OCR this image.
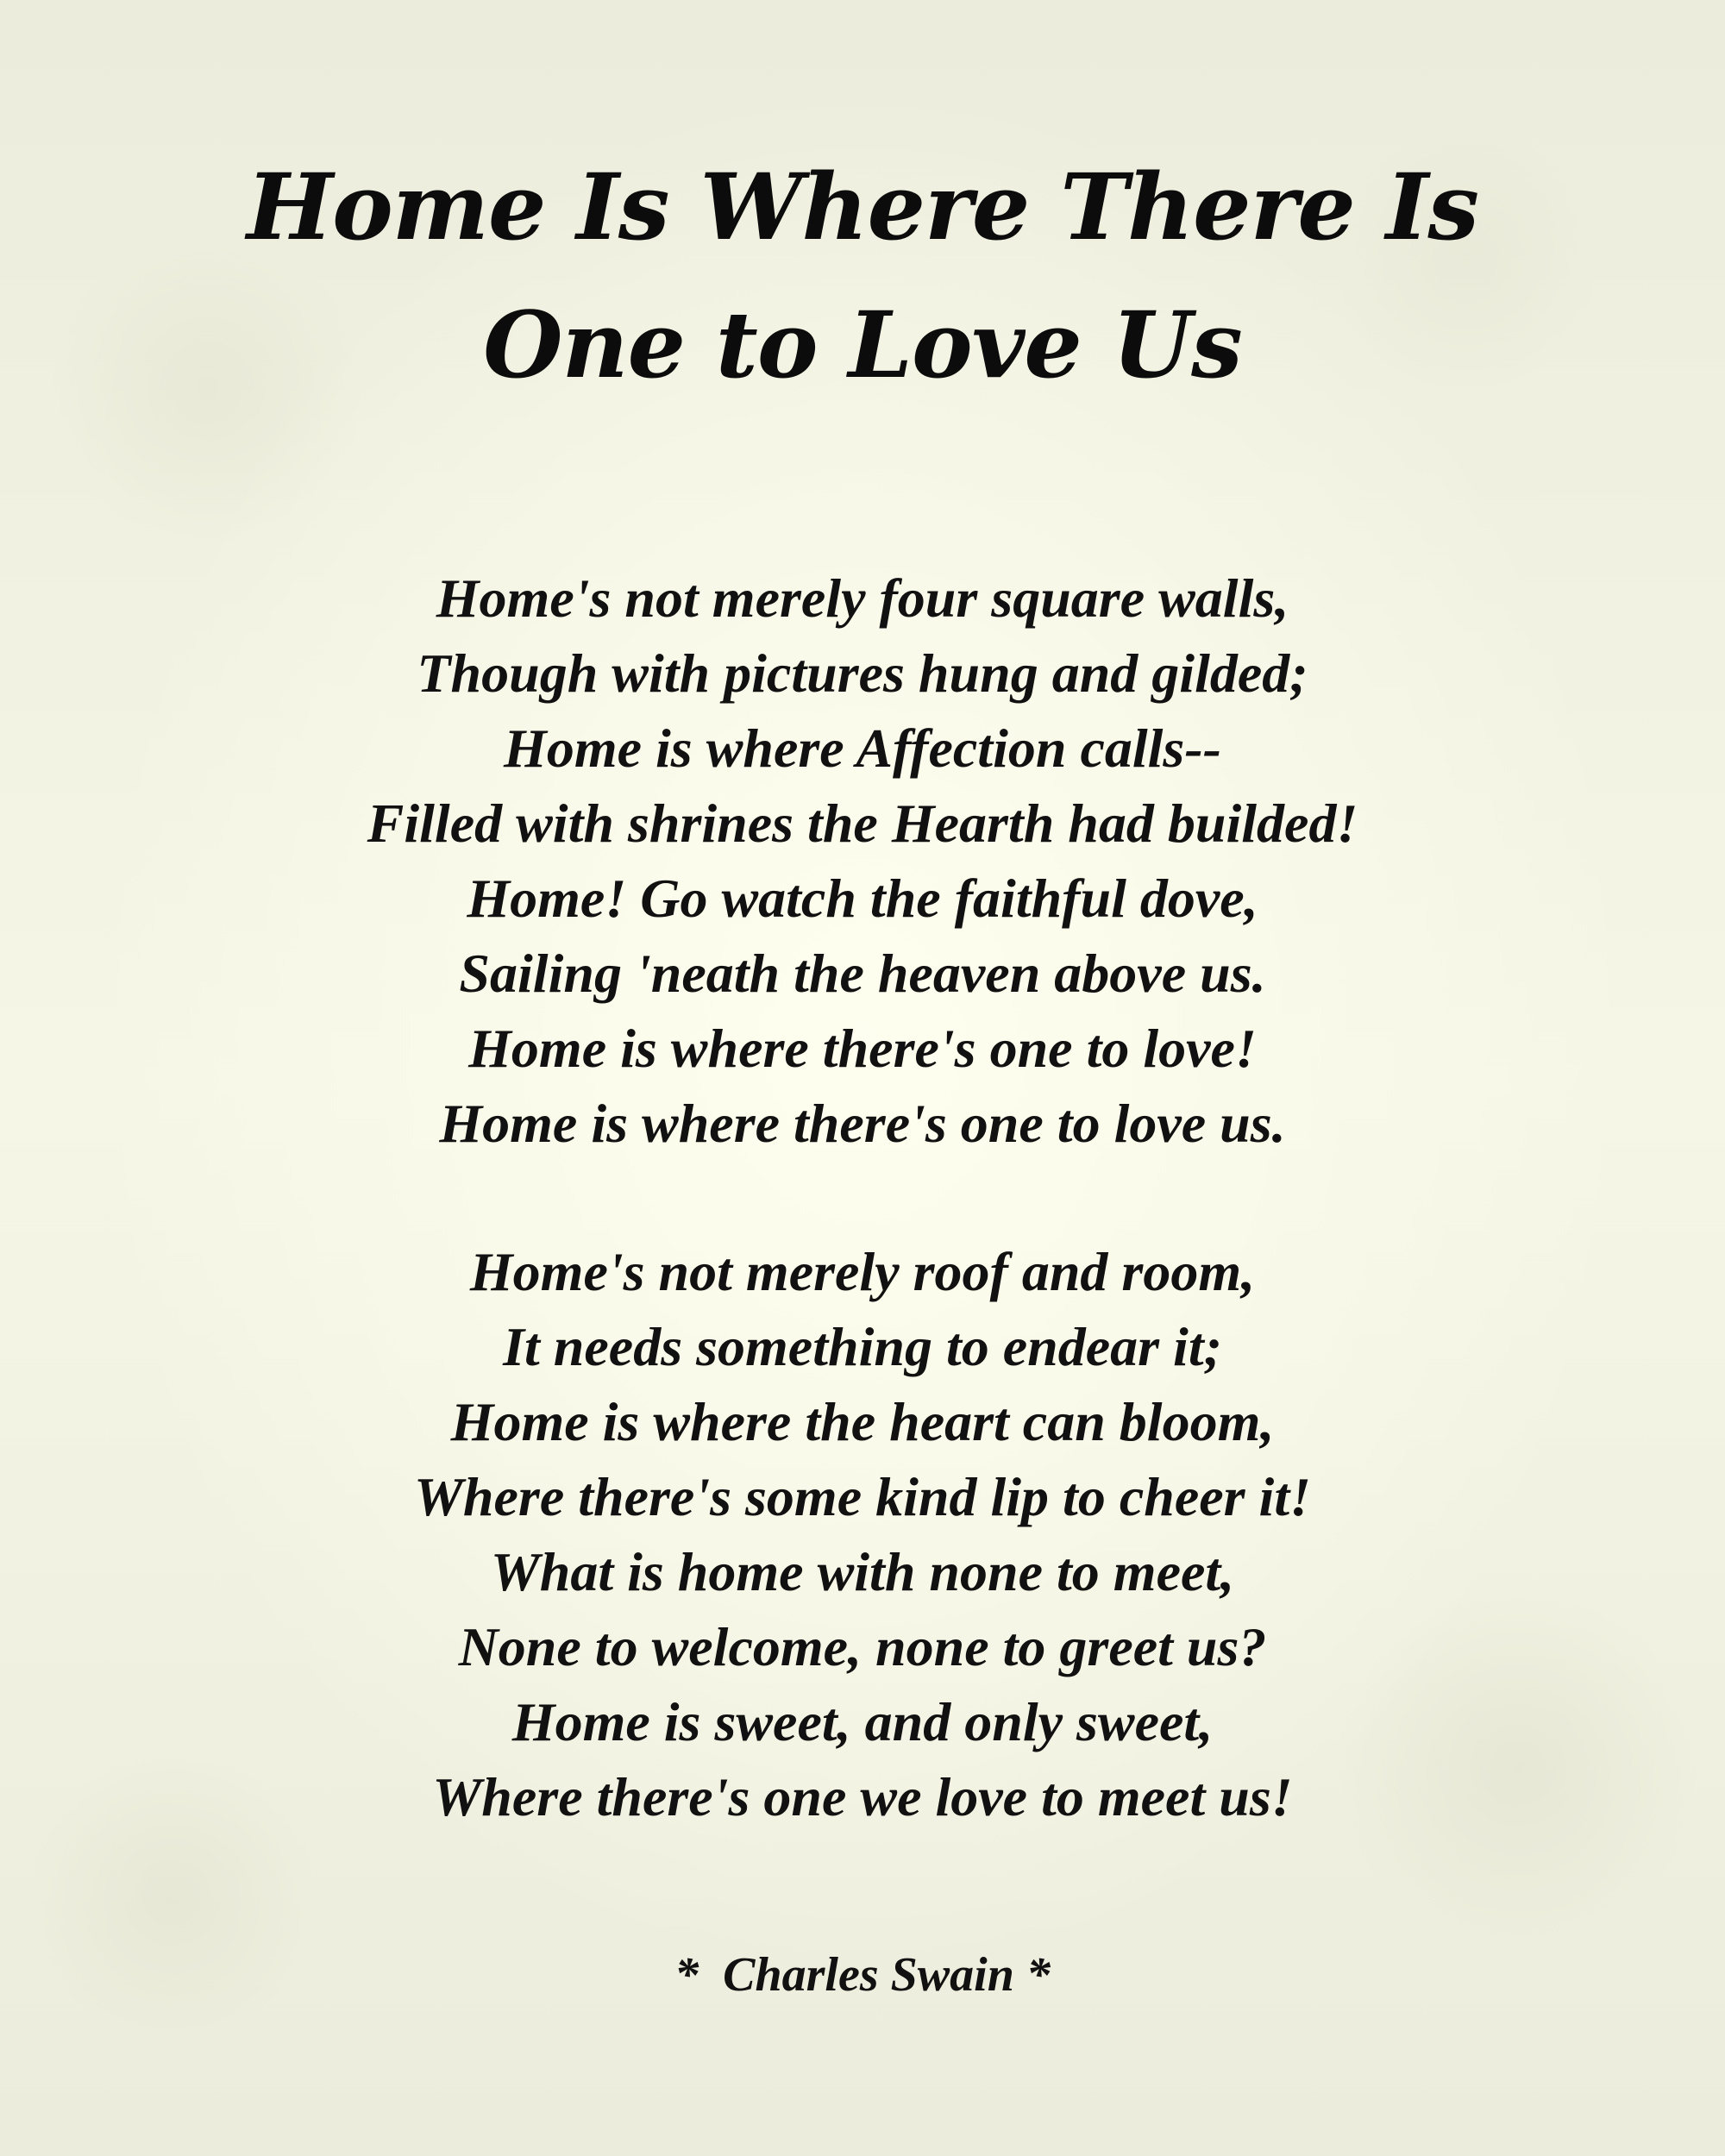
Home Is Where There Is
One to Love Us
Home's not merely four square walls,
Though with pictures hung and gilded;
Home is where Affection calls--
Filled with shrines the Hearth had builded!
Home! Go watch the faithful dove,
Sailing 'neath the heaven above us.
Home is where there's one to love!
Home is where there's one to love us.
Home's not merely roof and room,
It needs something to endear it;
Home is where the heart can bloom,
Where there's some kind lip to cheer it!
What is home with none to meet,
None to welcome, none to greet us?
Home is sweet, and only sweet,
Where there's one we love to meet us!

*  Charles Swain *
